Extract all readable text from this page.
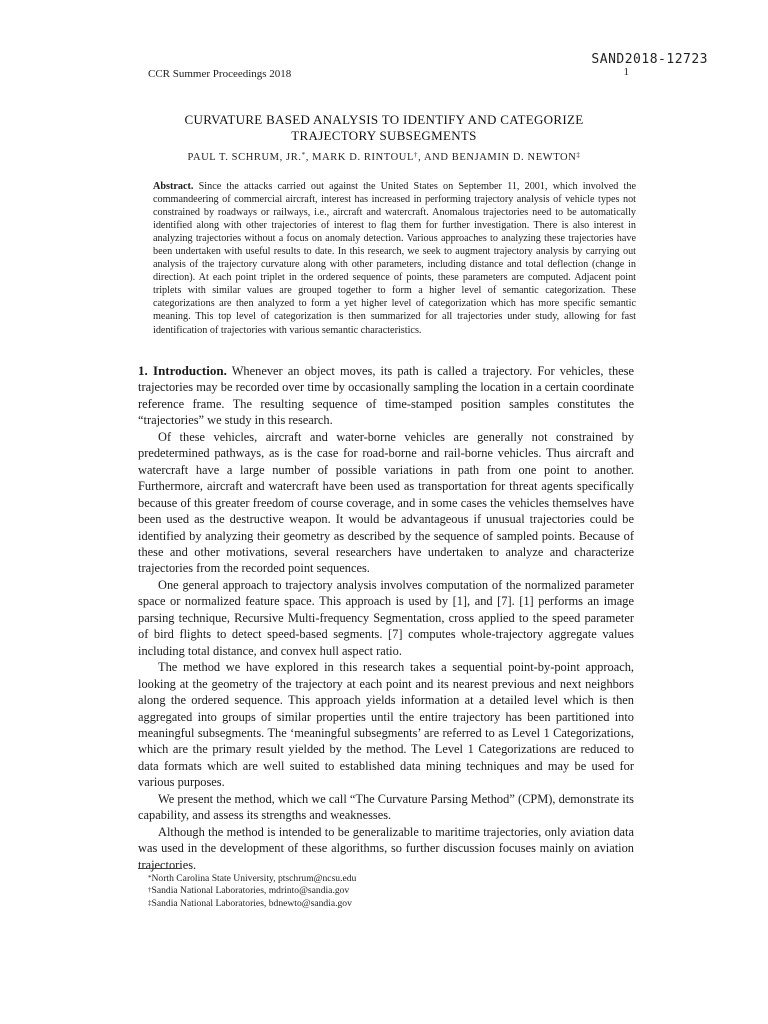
SAND2018-12723
CCR Summer Proceedings 2018	1
CURVATURE BASED ANALYSIS TO IDENTIFY AND CATEGORIZE
TRAJECTORY SUBSEGMENTS
PAUL T. SCHRUM, JR.*, MARK D. RINTOUL†, AND BENJAMIN D. NEWTON‡
Abstract. Since the attacks carried out against the United States on September 11, 2001, which involved the commandeering of commercial aircraft, interest has increased in performing trajectory analysis of vehicle types not constrained by roadways or railways, i.e., aircraft and watercraft. Anomalous trajectories need to be automatically identified along with other trajectories of interest to flag them for further investigation. There is also interest in analyzing trajectories without a focus on anomaly detection. Various approaches to analyzing these trajectories have been undertaken with useful results to date. In this research, we seek to augment trajectory analysis by carrying out analysis of the trajectory curvature along with other parameters, including distance and total deflection (change in direction). At each point triplet in the ordered sequence of points, these parameters are computed. Adjacent point triplets with similar values are grouped together to form a higher level of semantic categorization. These categorizations are then analyzed to form a yet higher level of categorization which has more specific semantic meaning. This top level of categorization is then summarized for all trajectories under study, allowing for fast identification of trajectories with various semantic characteristics.

1. Introduction. Whenever an object moves, its path is called a trajectory. For vehicles, these trajectories may be recorded over time by occasionally sampling the location in a certain coordinate reference frame. The resulting sequence of time-stamped position samples constitutes the “trajectories” we study in this research.

Of these vehicles, aircraft and water-borne vehicles are generally not constrained by predetermined pathways, as is the case for road-borne and rail-borne vehicles. Thus aircraft and watercraft have a large number of possible variations in path from one point to another. Furthermore, aircraft and watercraft have been used as transportation for threat agents specifically because of this greater freedom of course coverage, and in some cases the vehicles themselves have been used as the destructive weapon. It would be advantageous if unusual trajectories could be identified by analyzing their geometry as described by the sequence of sampled points. Because of these and other motivations, several researchers have undertaken to analyze and characterize trajectories from the recorded point sequences.

One general approach to trajectory analysis involves computation of the normalized parameter space or normalized feature space. This approach is used by [1], and [7]. [1] performs an image parsing technique, Recursive Multi-frequency Segmentation, cross applied to the speed parameter of bird flights to detect speed-based segments. [7] computes whole-trajectory aggregate values including total distance, and convex hull aspect ratio.

The method we have explored in this research takes a sequential point-by-point approach, looking at the geometry of the trajectory at each point and its nearest previous and next neighbors along the ordered sequence. This approach yields information at a detailed level which is then aggregated into groups of similar properties until the entire trajectory has been partitioned into meaningful subsegments. The ‘meaningful subsegments’ are referred to as Level 1 Categorizations, which are the primary result yielded by the method. The Level 1 Categorizations are reduced to data formats which are well suited to established data mining techniques and may be used for various purposes.

We present the method, which we call “The Curvature Parsing Method” (CPM), demonstrate its capability, and assess its strengths and weaknesses.

Although the method is intended to be generalizable to maritime trajectories, only aviation data was used in the development of these algorithms, so further discussion focuses mainly on aviation trajectories.

*North Carolina State University, ptschrum@ncsu.edu
†Sandia National Laboratories, mdrinto@sandia.gov
‡Sandia National Laboratories, bdnewto@sandia.gov
